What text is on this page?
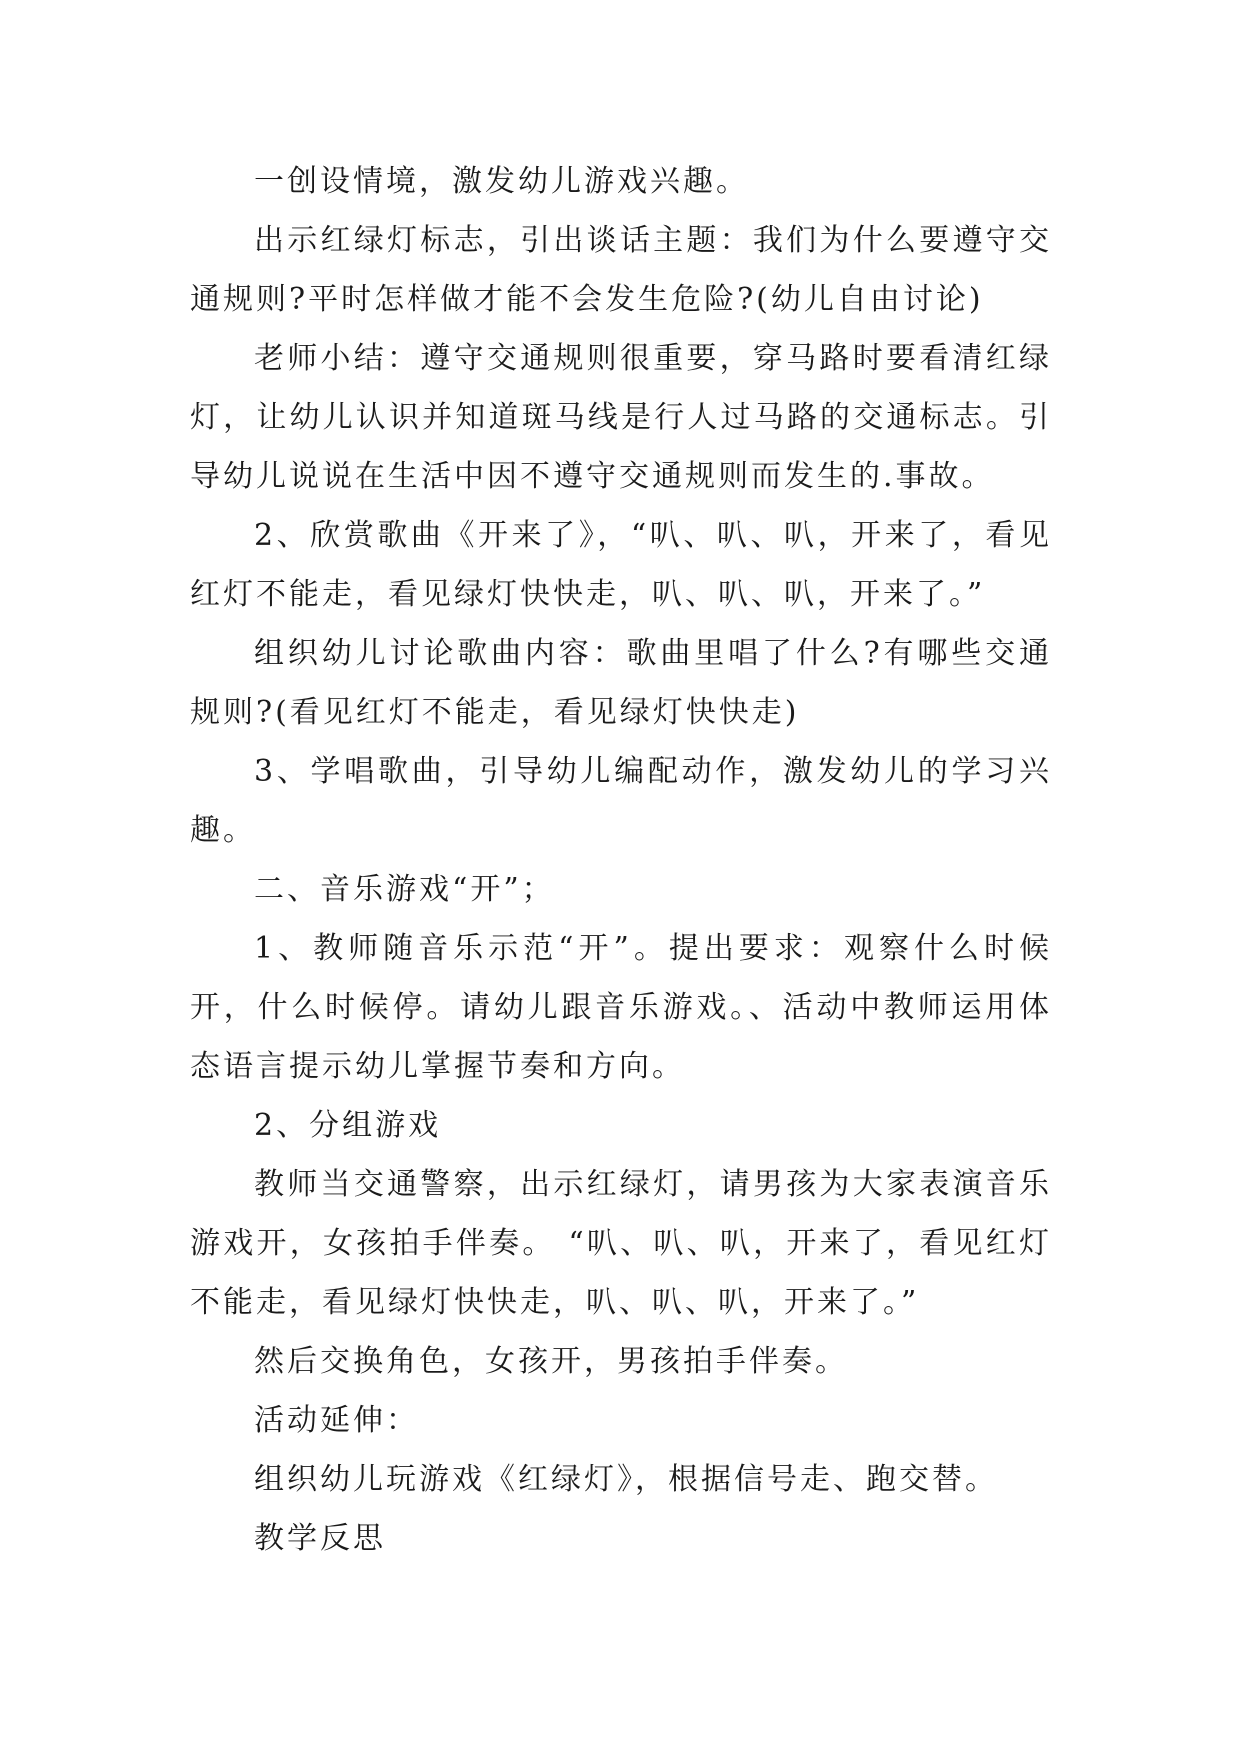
一创设情境，激发幼儿游戏兴趣。

出示红绿灯标志，引出谈话主题：我们为什么要遵守交通规则?平时怎样做才能不会发生危险?(幼儿自由讨论)

老师小结：遵守交通规则很重要，穿马路时要看清红绿灯，让幼儿认识并知道斑马线是行人过马路的交通标志。引导幼儿说说在生活中因不遵守交通规则而发生的.事故。

2、欣赏歌曲《开来了》，“叭、叭、叭，开来了，看见红灯不能走，看见绿灯快快走，叭、叭、叭，开来了。”

组织幼儿讨论歌曲内容：歌曲里唱了什么?有哪些交通规则?(看见红灯不能走，看见绿灯快快走)

3、学唱歌曲，引导幼儿编配动作，激发幼儿的学习兴趣。

二、音乐游戏“开”；

1、教师随音乐示范“开”。提出要求：观察什么时候开，什么时候停。请幼儿跟音乐游戏。、活动中教师运用体态语言提示幼儿掌握节奏和方向。

2、分组游戏

教师当交通警察，出示红绿灯，请男孩为大家表演音乐游戏开，女孩拍手伴奏。 “叭、叭、叭，开来了，看见红灯不能走，看见绿灯快快走，叭、叭、叭，开来了。”

然后交换角色，女孩开，男孩拍手伴奏。

活动延伸：

组织幼儿玩游戏《红绿灯》，根据信号走、跑交替。

教学反思
